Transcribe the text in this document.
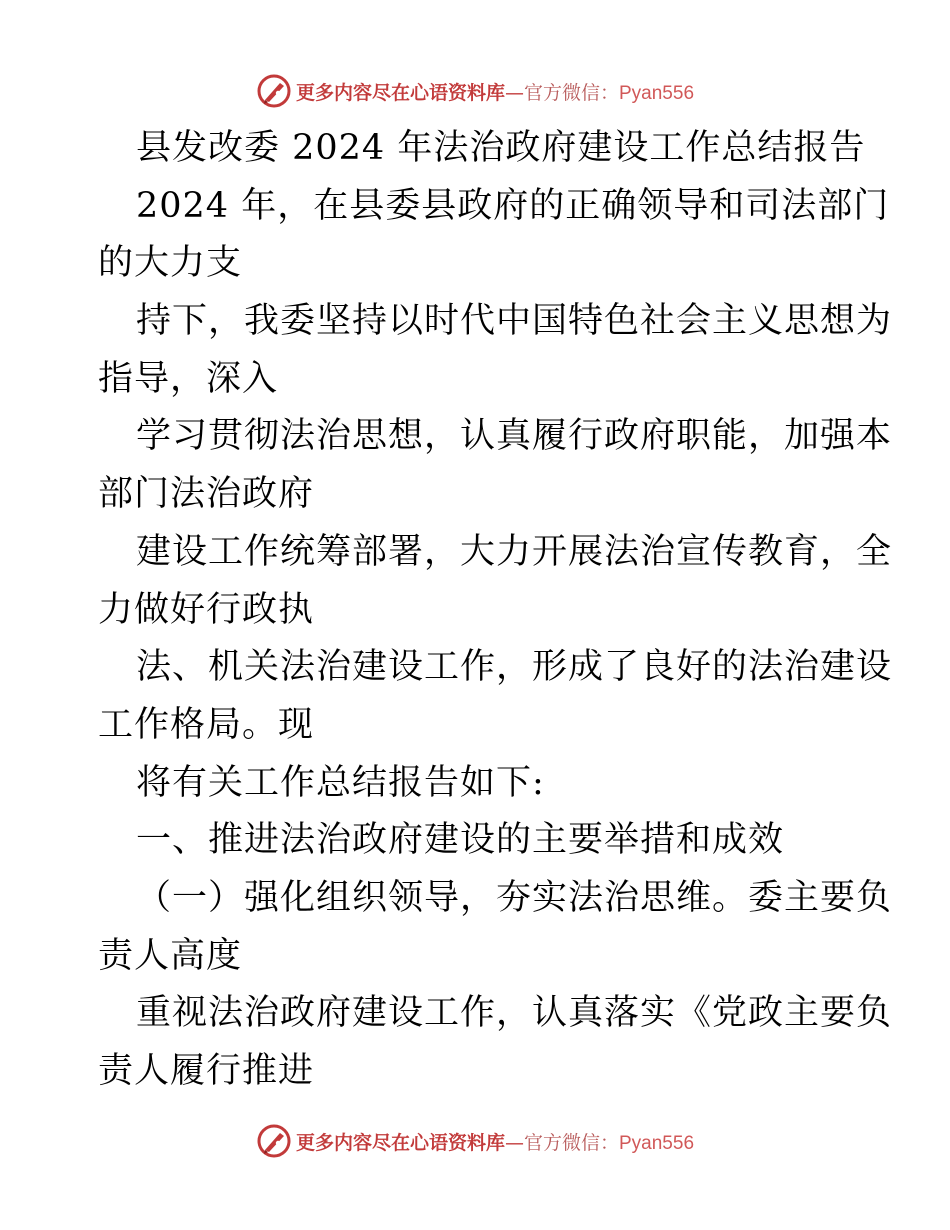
更多内容尽在心语资料库—官方微信：Pyan556
县发改委 2024 年法治政府建设工作总结报告
2024 年，在县委县政府的正确领导和司法部门
的大力支
持下，我委坚持以时代中国特色社会主义思想为
指导，深入
学习贯彻法治思想，认真履行政府职能，加强本
部门法治政府
建设工作统筹部署，大力开展法治宣传教育，全
力做好行政执
法、机关法治建设工作，形成了良好的法治建设
工作格局。现
将有关工作总结报告如下:
一、推进法治政府建设的主要举措和成效
（一）强化组织领导，夯实法治思维。委主要负
责人高度
重视法治政府建设工作，认真落实《党政主要负
责人履行推进
更多内容尽在心语资料库—官方微信：Pyan556
